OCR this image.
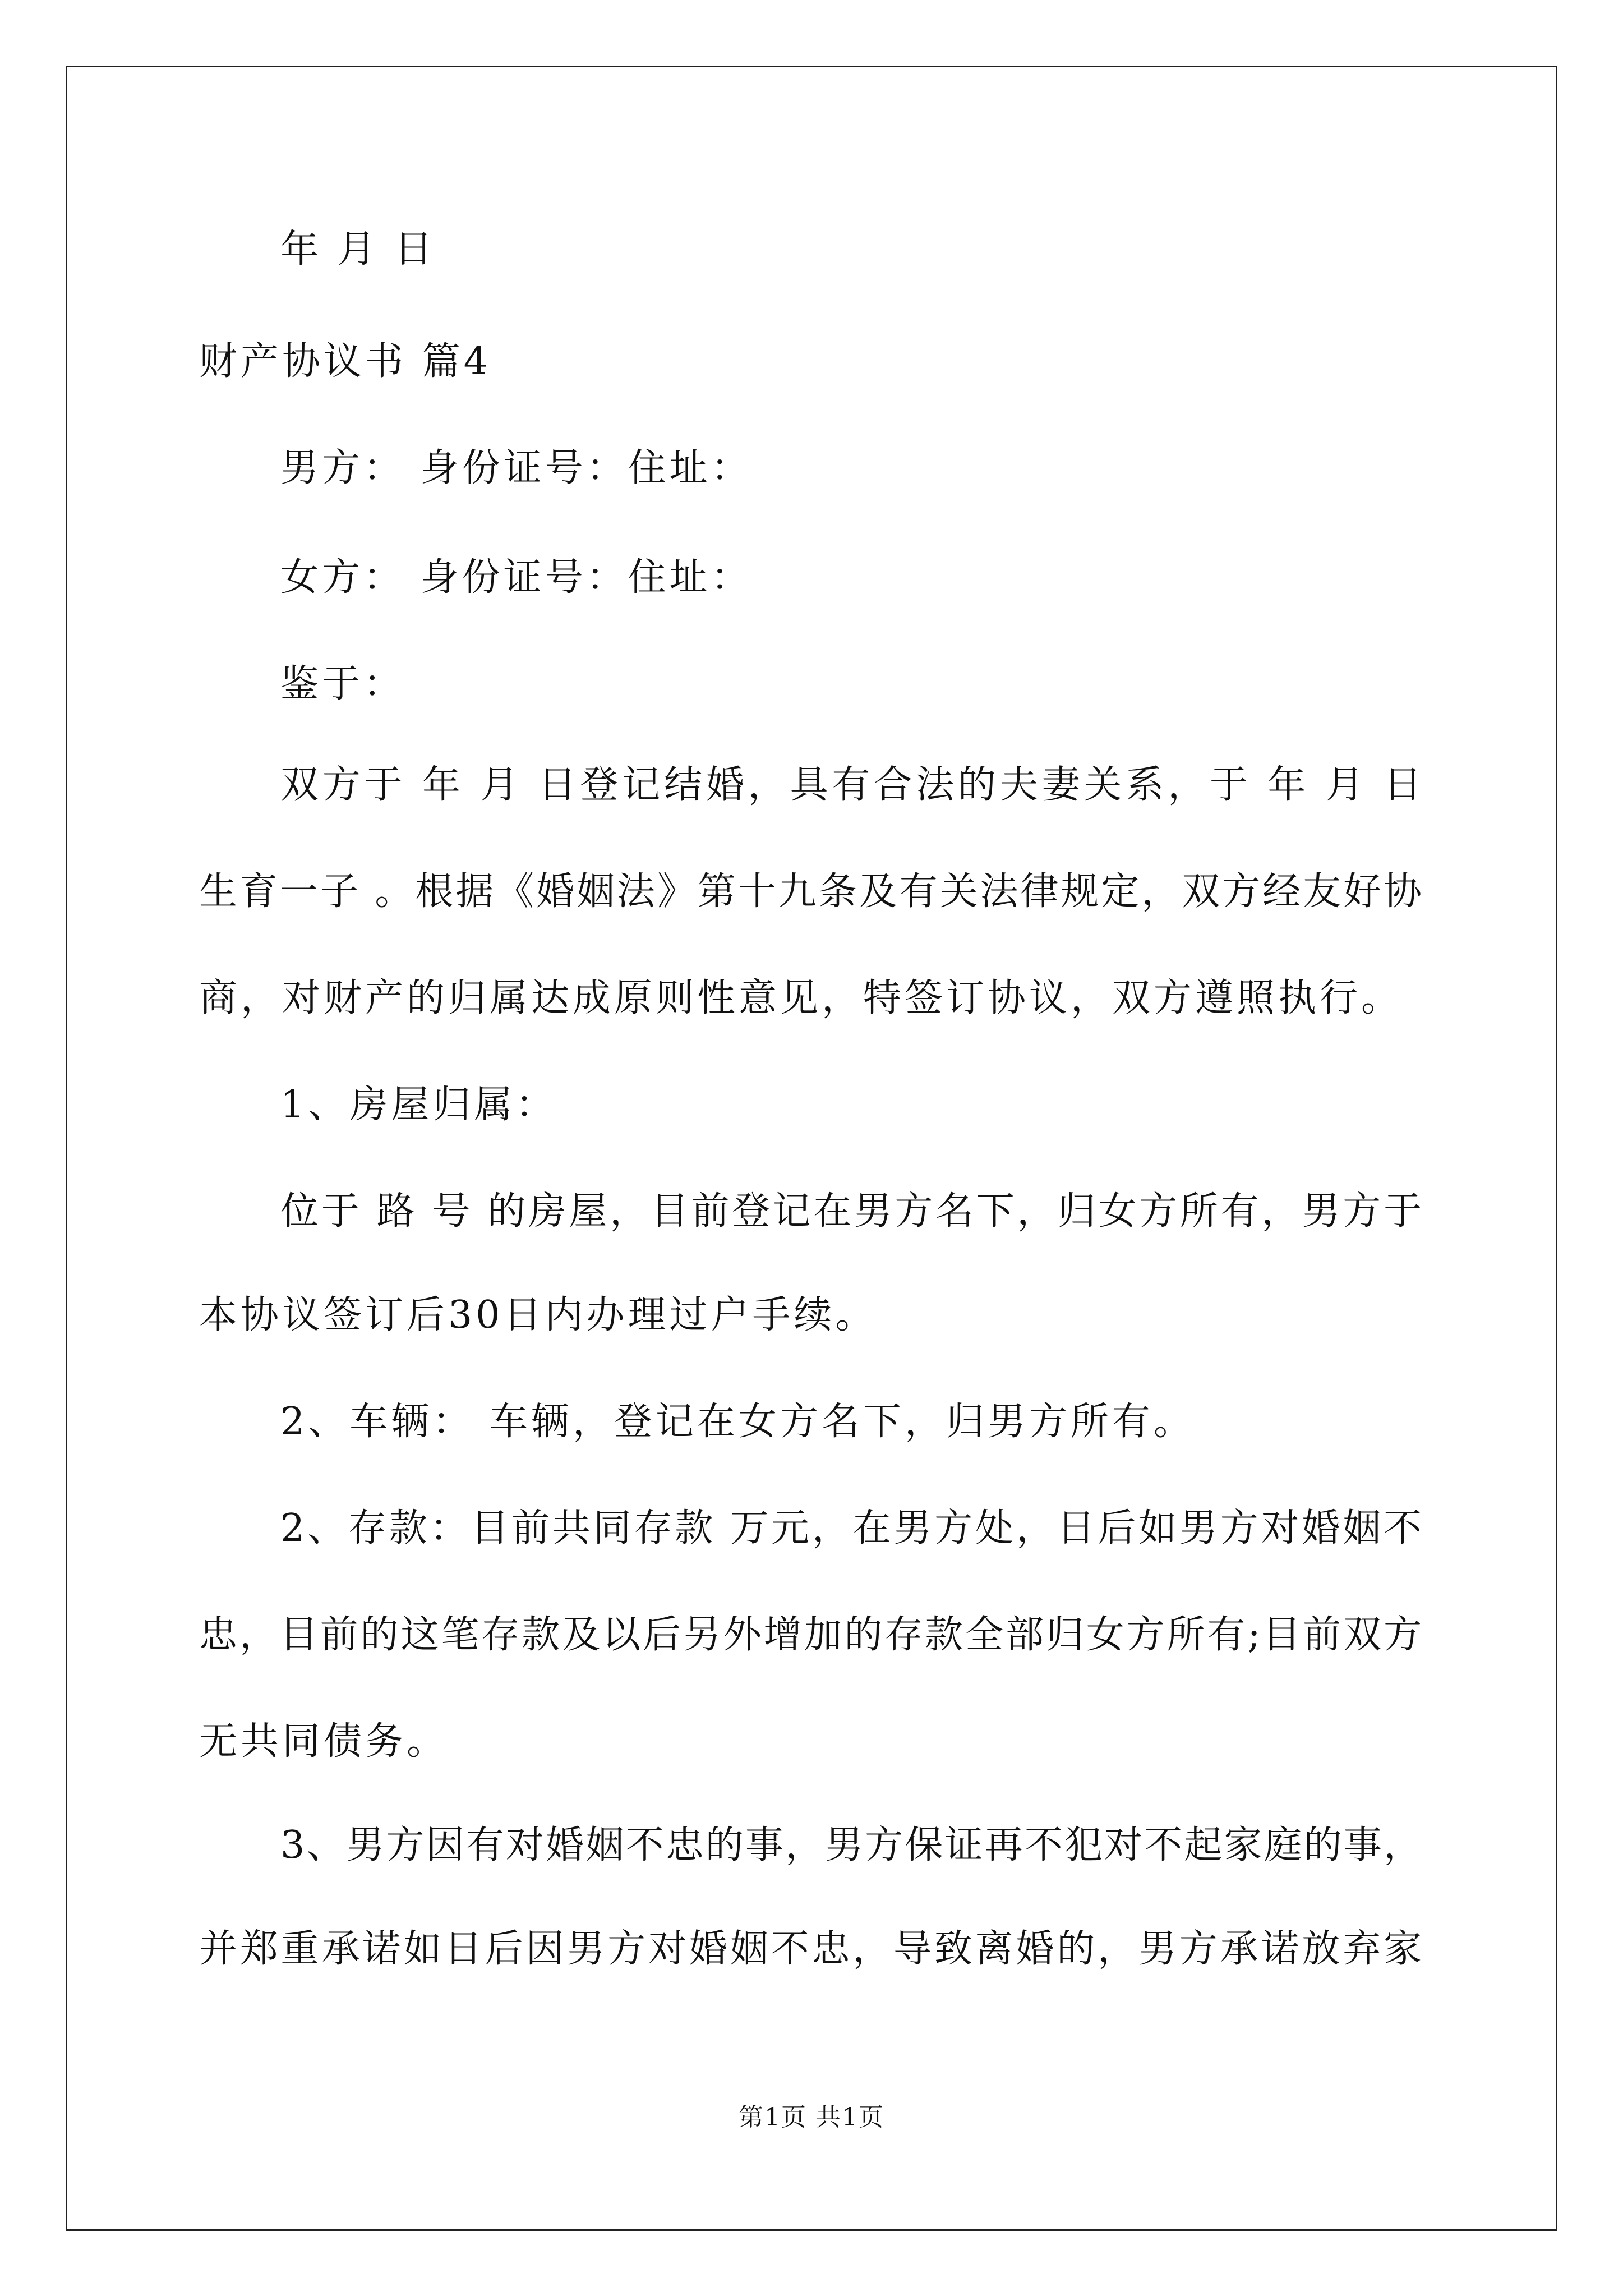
年 月 日
财产协议书 篇4
男方： 身份证号：住址：
女方： 身份证号：住址：
鉴于：
双方于 年 月 日登记结婚，具有合法的夫妻关系，于 年 月 日
生育一子 。根据《婚姻法》第十九条及有关法律规定，双方经友好协
商，对财产的归属达成原则性意见，特签订协议，双方遵照执行。
1、房屋归属：
位于 路 号 的房屋，目前登记在男方名下，归女方所有，男方于
本协议签订后30日内办理过户手续。
2、车辆： 车辆，登记在女方名下，归男方所有。
2、存款：目前共同存款 万元，在男方处，日后如男方对婚姻不
忠，目前的这笔存款及以后另外增加的存款全部归女方所有;目前双方
无共同债务。
3、男方因有对婚姻不忠的事，男方保证再不犯对不起家庭的事，
并郑重承诺如日后因男方对婚姻不忠，导致离婚的，男方承诺放弃家
第1页 共1页
